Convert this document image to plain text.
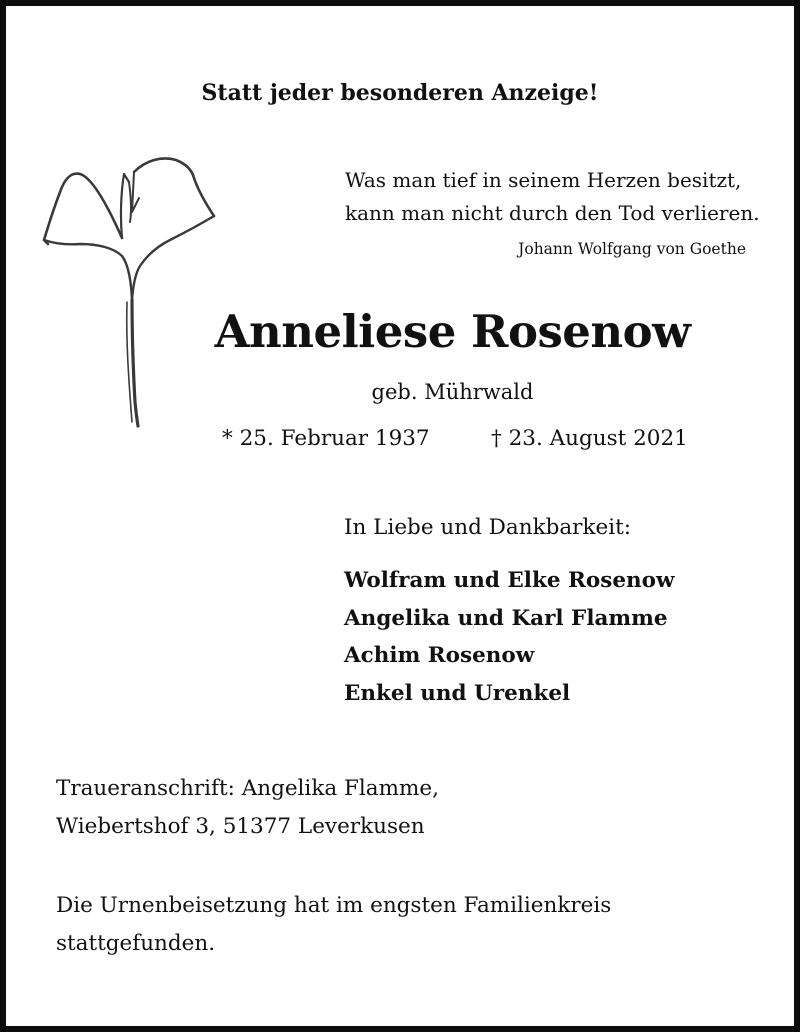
Statt jeder besonderen Anzeige!
Was man tief in seinem Herzen besitzt,
kann man nicht durch den Tod verlieren.
Johann Wolfgang von Goethe
Anneliese Rosenow
geb. Mührwald
* 25. Februar 1937	† 23. August 2021
In Liebe und Dankbarkeit:
Wolfram und Elke Rosenow
Angelika und Karl Flamme
Achim Rosenow
Enkel und Urenkel
Traueranschrift: Angelika Flamme,
Wiebertshof 3, 51377 Leverkusen
Die Urnenbeisetzung hat im engsten Familienkreis
stattgefunden.
